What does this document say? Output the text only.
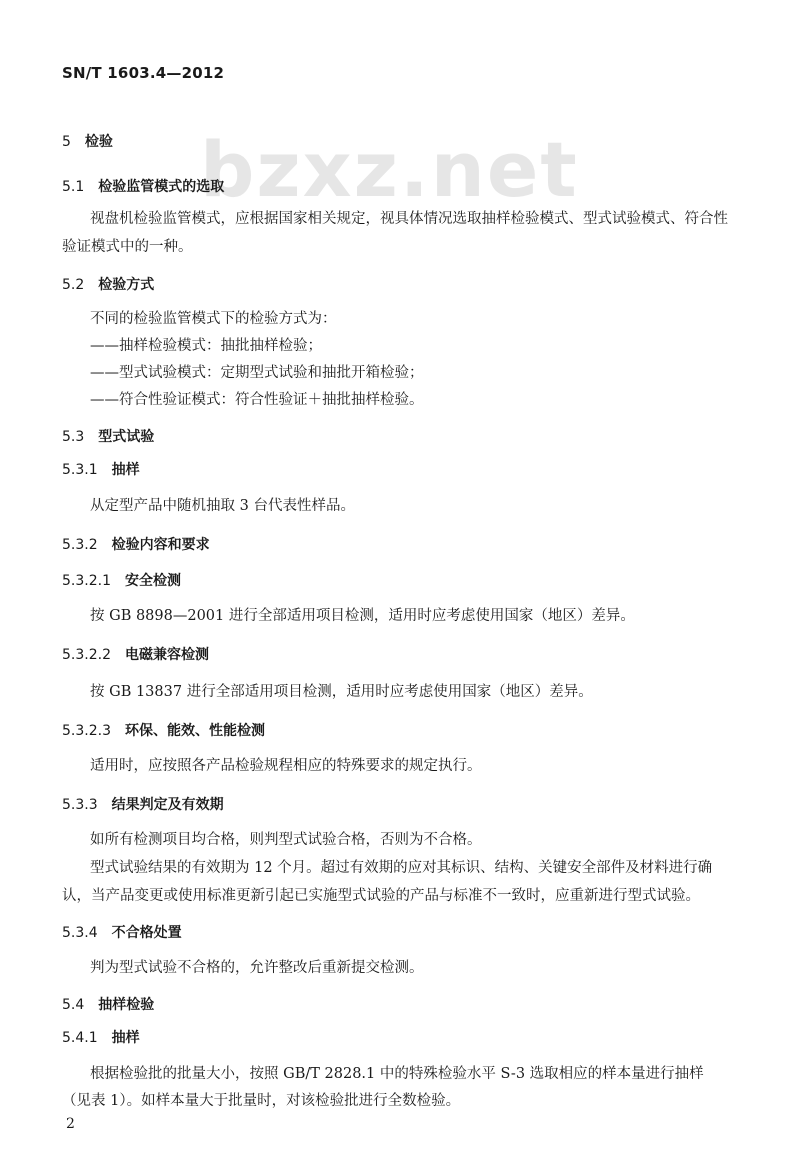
bzxz.net
SN/T 1603.4—2012
5 检验
5.1 检验监管模式的选取
视盘机检验监管模式，应根据国家相关规定，视具体情况选取抽样检验模式、型式试验模式、符合性
验证模式中的一种。
5.2 检验方式
不同的检验监管模式下的检验方式为：
——抽样检验模式：抽批抽样检验；
——型式试验模式：定期型式试验和抽批开箱检验；
——符合性验证模式：符合性验证＋抽批抽样检验。
5.3 型式试验
5.3.1 抽样
从定型产品中随机抽取 3 台代表性样品。
5.3.2 检验内容和要求
5.3.2.1 安全检测
按 GB 8898—2001 进行全部适用项目检测，适用时应考虑使用国家（地区）差异。
5.3.2.2 电磁兼容检测
按 GB 13837 进行全部适用项目检测，适用时应考虑使用国家（地区）差异。
5.3.2.3 环保、能效、性能检测
适用时，应按照各产品检验规程相应的特殊要求的规定执行。
5.3.3 结果判定及有效期
如所有检测项目均合格，则判型式试验合格，否则为不合格。
型式试验结果的有效期为 12 个月。超过有效期的应对其标识、结构、关键安全部件及材料进行确
认，当产品变更或使用标准更新引起已实施型式试验的产品与标准不一致时，应重新进行型式试验。
5.3.4 不合格处置
判为型式试验不合格的，允许整改后重新提交检测。
5.4 抽样检验
5.4.1 抽样
根据检验批的批量大小，按照 GB/T 2828.1 中的特殊检验水平 S-3 选取相应的样本量进行抽样
（见表 1）。如样本量大于批量时，对该检验批进行全数检验。
2
